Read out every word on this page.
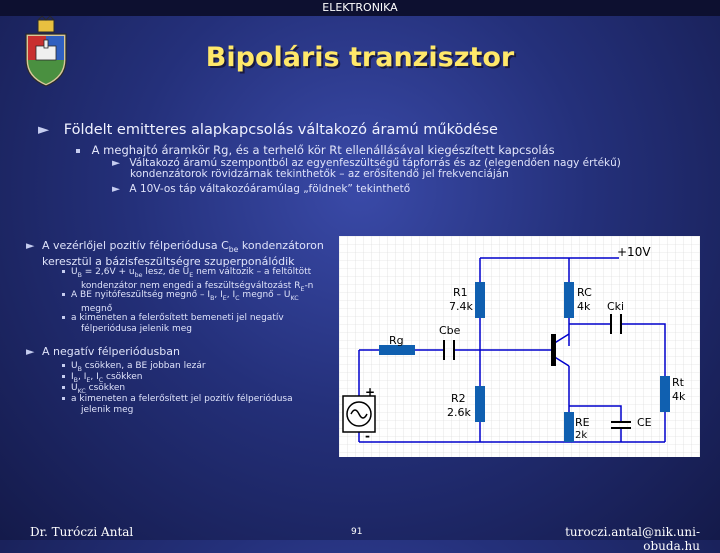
ELEKTRONIKA
Bipoláris tranzisztor
► Földelt emitteres alapkapcsolás váltakozó áramú működése
A meghajtó áramkör Rg, és a terhelő kör Rt ellenállásával kiegészített kapcsolás
► Váltakozó áramú szempontból az egyenfeszültségű tápforrás és az (elegendően nagy értékű)
kondenzátorok rövidzárnak tekinthetők – az erősítendő jel frekvenciáján
► A 10V-os táp váltakozóáramúlag „földnek” tekinthető
► A vezérlőjel pozitív félperiódusa $C_{be}$ kondenzátoron
keresztül a bázisfeszültségre szuperponálódik
$U_B = 2,6V + u_{be}$ lesz, de $U_E$ nem változik – a feltöltött
kondenzátor nem engedi a feszültségváltozást $R_E-n$
A BE nyitófeszültség megnő – $I_B$, $I_E$, $I_C$ megnő – $U_{KC}$
megnő
a kimeneten a felerősített bemeneti jel negatív
félperiódusa jelenik meg
► A negatív félperiódusban
$U_B$ csökken, a BE jobban lezár
$I_B$, $I_E$, $I_C$ csökken
$U_{KC}$ csökken
a kimeneten a felerősített jel pozitív félperiódusa
jelenik meg
+10V
R1
7.4k
RC
4k Cki
Rg
Cbe
R2
2.6k
Rt
4k
RE
2k
CE
+
-
Dr. Turóczi Antal	91	turoczi.antal@nik.uni-obuda.hu
